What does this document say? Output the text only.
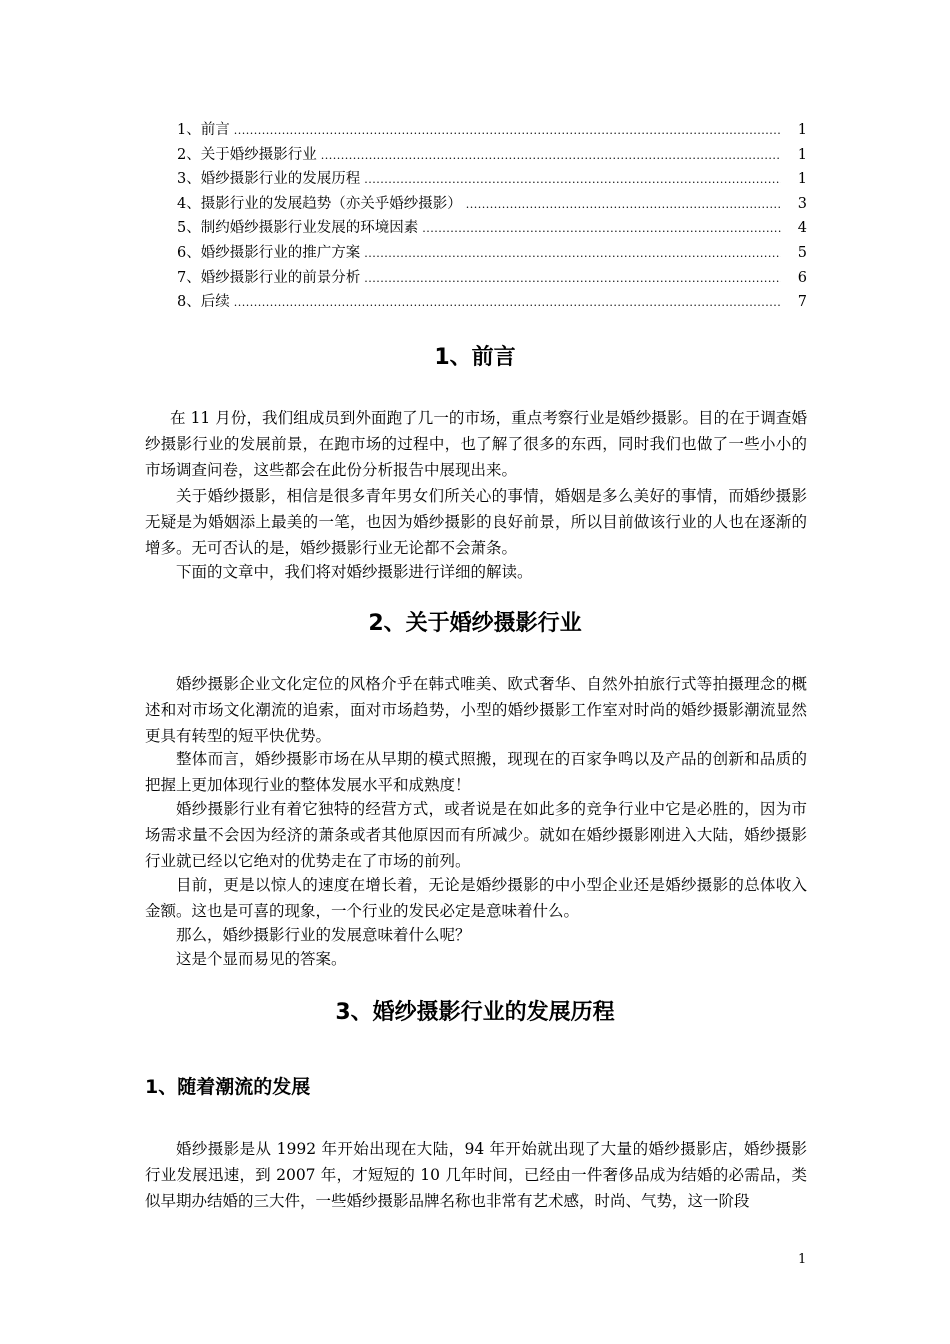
1、前言 .....	1
2、关于婚纱摄影行业 .....	1
3、婚纱摄影行业的发展历程 .....	1
4、摄影行业的发展趋势（亦关乎婚纱摄影） .....	3
5、制约婚纱摄影行业发展的环境因素 .....	4
6、婚纱摄影行业的推广方案 .....	5
7、婚纱摄影行业的前景分析 .....	6
8、后续 .....	7
1、前言

在 11 月份，我们组成员到外面跑了几一的市场，重点考察行业是婚纱摄影。目的在于调查婚纱摄影行业的发展前景，在跑市场的过程中，也了解了很多的东西，同时我们也做了一些小小的市场调查问卷，这些都会在此份分析报告中展现出来。

关于婚纱摄影，相信是很多青年男女们所关心的事情，婚姻是多么美好的事情，而婚纱摄影无疑是为婚姻添上最美的一笔，也因为婚纱摄影的良好前景，所以目前做该行业的人也在逐渐的增多。无可否认的是，婚纱摄影行业无论都不会萧条。

下面的文章中，我们将对婚纱摄影进行详细的解读。

2、关于婚纱摄影行业

婚纱摄影企业文化定位的风格介乎在韩式唯美、欧式奢华、自然外拍旅行式等拍摄理念的概述和对市场文化潮流的追索，面对市场趋势，小型的婚纱摄影工作室对时尚的婚纱摄影潮流显然更具有转型的短平快优势。

整体而言，婚纱摄影市场在从早期的模式照搬，现现在的百家争鸣以及产品的创新和品质的把握上更加体现行业的整体发展水平和成熟度！

婚纱摄影行业有着它独特的经营方式，或者说是在如此多的竞争行业中它是必胜的，因为市场需求量不会因为经济的萧条或者其他原因而有所减少。就如在婚纱摄影刚进入大陆，婚纱摄影行业就已经以它绝对的优势走在了市场的前列。

目前，更是以惊人的速度在增长着，无论是婚纱摄影的中小型企业还是婚纱摄影的总体收入金额。这也是可喜的现象，一个行业的发民必定是意味着什么。

那么，婚纱摄影行业的发展意味着什么呢？

这是个显而易见的答案。

3、婚纱摄影行业的发展历程
1、随着潮流的发展

婚纱摄影是从 1992 年开始出现在大陆，94 年开始就出现了大量的婚纱摄影店，婚纱摄影行业发展迅速，到 2007 年，才短短的 10 几年时间，已经由一件奢侈品成为结婚的必需品，类似早期办结婚的三大件，一些婚纱摄影品牌名称也非常有艺术感，时尚、气势，这一阶段

1
